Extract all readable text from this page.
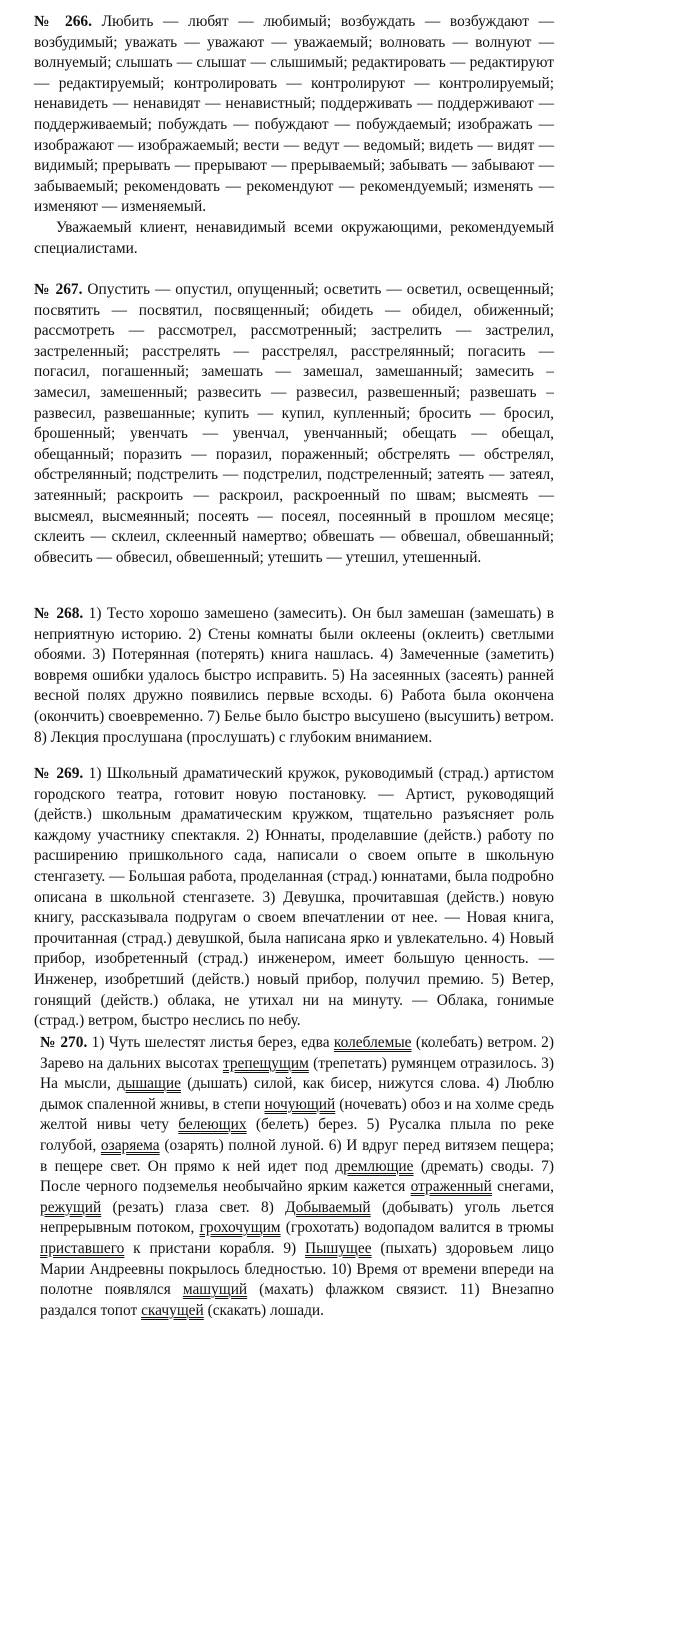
№ 266. Любить — любят — любимый; возбуждать — возбуждают — возбудимый; уважать — уважают — уважаемый; волновать — волнуют — волнуемый; слышать — слышат — слышимый; редактировать — редактируют — редактируемый; контролировать — контролируют — контролируемый; ненавидеть — ненавидят — ненавистный; поддерживать — поддерживают — поддерживаемый; побуждать — побуждают — побуждаемый; изображать — изображают — изображаемый; вести — ведут — ведомый; видеть — видят — видимый; прерывать — прерывают — прерываемый; забывать — забывают — забываемый; рекомендовать — рекомендуют — рекомендуемый; изменять — изменяют — изменяемый.

Уважаемый клиент, ненавидимый всеми окружающими, рекомендуемый специалистами.

№ 267. Опустить — опустил, опущенный; осветить — осветил, освещенный; посвятить — посвятил, посвященный; обидеть — обидел, обиженный; рассмотреть — рассмотрел, рассмотренный; застрелить — застрелил, застреленный; расстрелять — расстрелял, расстрелянный; погасить — погасил, погашенный; замешать — замешал, замешанный; замесить – замесил, замешенный; развесить — развесил, развешенный; развешать – развесил, развешанные; купить — купил, купленный; бросить — бросил, брошенный; увенчать — увенчал, увенчанный; обещать — обещал, обещанный; поразить — поразил, пораженный; обстрелять — обстрелял, обстрелянный; подстрелить — подстрелил, подстреленный; затеять — затеял, затеянный; раскроить — раскроил, раскроенный по швам; высмеять — высмеял, высмеянный; посеять — посеял, посеянный в прошлом месяце; склеить — склеил, склеенный намертво; обвешать — обвешал, обвешанный; обвесить — обвесил, обвешенный; утешить — утешил, утешенный.

№ 268. 1) Тесто хорошо замешено (замесить). Он был замешан (замешать) в неприятную историю. 2) Стены комнаты были оклеены (оклеить) светлыми обоями. 3) Потерянная (потерять) книга нашлась. 4) Замеченные (заметить) вовремя ошибки удалось быстро исправить. 5) На засеянных (засеять) ранней весной полях дружно появились первые всходы. 6) Работа была окончена (окончить) своевременно. 7) Белье было быстро высушено (высушить) ветром. 8) Лекция прослушана (прослушать) с глубоким вниманием.

№ 269. 1) Школьный драматический кружок, руководимый (страд.) артистом городского театра, готовит новую постановку. — Артист, руководящий (действ.) школьным драматическим кружком, тщательно разъясняет роль каждому участнику спектакля. 2) Юннаты, проделавшие (действ.) работу по расширению пришкольного сада, написали о своем опыте в школьную стенгазету. — Большая работа, проделанная (страд.) юннатами, была подробно описана в школьной стенгазете. 3) Девушка, прочитавшая (действ.) новую книгу, рассказывала подругам о своем впечатлении от нее. — Новая книга, прочитанная (страд.) девушкой, была написана ярко и увлекательно. 4) Новый прибор, изобретенный (страд.) инженером, имеет большую ценность. — Инженер, изобретший (действ.) новый прибор, получил премию. 5) Ветер, гонящий (действ.) облака, не утихал ни на минуту. — Облака, гонимые (страд.) ветром, быстро неслись по небу.

№ 270. 1) Чуть шелестят листья берез, едва колеблемые (колебать) ветром. 2) Зарево на дальних высотах трепещущим (трепетать) румянцем отразилось. 3) На мысли, дышащие (дышать) силой, как бисер, нижутся слова. 4) Люблю дымок спаленной жнивы, в степи ночующий (ночевать) обоз и на холме средь желтой нивы чету белеющих (белеть) берез. 5) Русалка плыла по реке голубой, озаряема (озарять) полной луной. 6) И вдруг перед витязем пещера; в пещере свет. Он прямо к ней идет под дремлющие (дремать) своды. 7) После черного подземелья необычайно ярким кажется отраженный снегами, режущий (резать) глаза свет. 8) Добываемый (добывать) уголь льется непрерывным потоком, грохочущим (грохотать) водопадом валится в трюмы приставшего к пристани корабля. 9) Пышущее (пыхать) здоровьем лицо Марии Андреевны покрылось бледностью. 10) Время от времени впереди на полотне появлялся машущий (махать) флажком связист. 11) Внезапно раздался топот скачущей (скакать) лошади.
